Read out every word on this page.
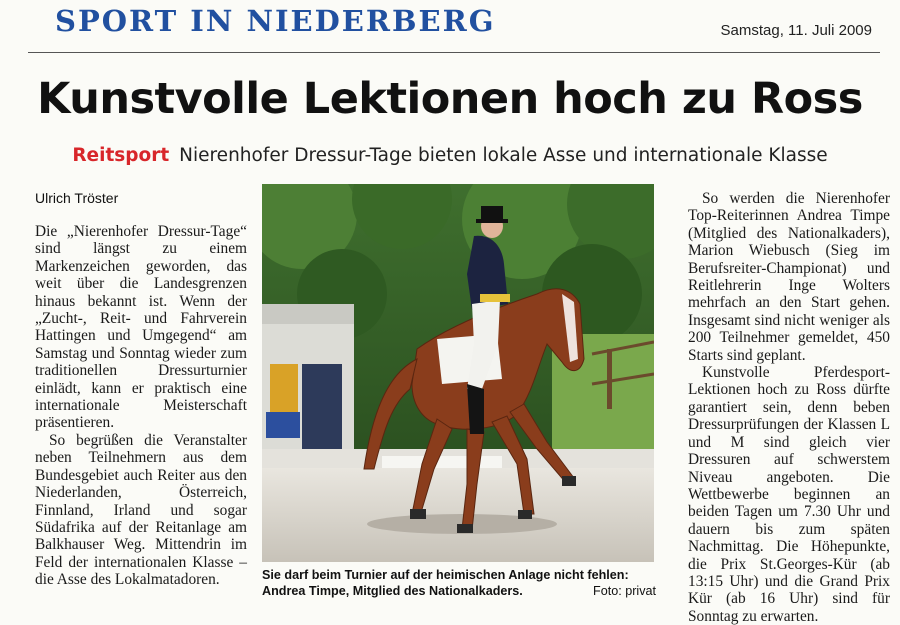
SPORT IN NIEDERBERG	Samstag, 11. Juli 2009
Kunstvolle Lektionen hoch zu Ross
Reitsport Nierenhofer Dressur-Tage bieten lokale Asse und internationale Klasse
Ulrich Tröster

Die „Nierenhofer Dressur-Tage“ sind längst zu einem Markenzeichen geworden, das weit über die Landesgrenzen hinaus bekannt ist. Wenn der „Zucht-, Reit- und Fahrverein Hattingen und Umgegend“ am Samstag und Sonntag wieder zum traditionellen Dressurturnier einlädt, kann er praktisch eine internationale Meisterschaft präsentieren.

So begrüßen die Veranstalter neben Teilnehmern aus dem Bundesgebiet auch Reiter aus den Niederlanden, Österreich, Finnland, Irland und sogar Südafrika auf der Reitanlage am Balkhauser Weg. Mittendrin im Feld der internationalen Klasse – die Asse des Lokalmatadoren.	Sie darf beim Turnier auf der heimischen Anlage nicht fehlen:
Andrea Timpe, Mitglied des Nationalkaders.	Foto: privat

So werden die Nierenhofer Top-Reiterinnen Andrea Timpe (Mitglied des Nationalkaders), Marion Wiebusch (Sieg im Berufsreiter-Championat) und Reitlehrerin Inge Wolters mehrfach an den Start gehen. Insgesamt sind nicht weniger als 200 Teilnehmer gemeldet, 450 Starts sind geplant.

Kunstvolle Pferdesport-Lektionen hoch zu Ross dürfte garantiert sein, denn beben Dressurprüfungen der Klassen L und M sind gleich vier Dressuren auf schwerstem Niveau angeboten. Die Wettbewerbe beginnen an beiden Tagen um 7.30 Uhr und dauern bis zum späten Nachmittag. Die Höhepunkte, die Prix St.Georges-Kür (ab 13:15 Uhr) und die Grand Prix Kür (ab 16 Uhr) sind für Sonntag zu erwarten.
